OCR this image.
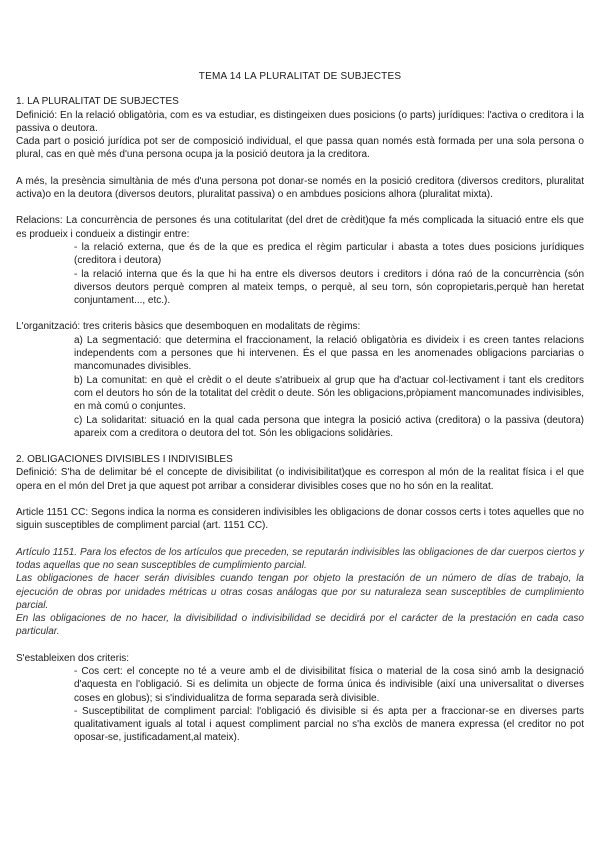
TEMA 14 LA PLURALITAT DE SUBJECTES

1. LA PLURALITAT DE SUBJECTES

Definició: En la relació obligatòria, com es va estudiar, es distingeixen dues posicions (o parts) jurídiques: l'activa o creditora i la passiva o deutora.

Cada part o posició jurídica pot ser de composició individual, el que passa quan només està formada per una sola persona o plural, cas en què més d'una persona ocupa ja la posició deutora ja la creditora.

A més, la presència simultània de més d'una persona pot donar-se només en la posició creditora (diversos creditors, pluralitat activa)o en la deutora (diversos deutors, pluralitat passiva) o en ambdues posicions alhora (pluralitat mixta).

Relacions: La concurrència de persones és una cotitularitat (del dret de crèdit)que fa més complicada la situació entre els que es produeix i condueix a distingir entre:

- la relació externa, que és de la que es predica el règim particular i abasta a totes dues posicions jurídiques (creditora i deutora)

- la relació interna que és la que hi ha entre els diversos deutors i creditors i dóna raó de la concurrència (són diversos deutors perquè compren al mateix temps, o perquè, al seu torn, són copropietaris,perquè han heretat conjuntament..., etc.).

L'organització: tres criteris bàsics que desemboquen en modalitats de règims:

a) La segmentació: que determina el fraccionament, la relació obligatòria es divideix i es creen tantes relacions independents com a persones que hi intervenen. És el que passa en les anomenades obligacions parciarias o mancomunades divisibles.

b) La comunitat: en què el crèdit o el deute s'atribueix al grup que ha d'actuar col·lectivament i tant els creditors com el deutors ho són de la totalitat del crèdit o deute. Són les obligacions,pròpiament mancomunades indivisibles, en mà comú o conjuntes.

c) La solidaritat: situació en la qual cada persona que integra la posició activa (creditora) o la passiva (deutora) apareix com a creditora o deutora del tot. Són les obligacions solidàries.

2. OBLIGACIONES DIVISIBLES I INDIVISIBLES

Definició: S'ha de delimitar bé el concepte de divisibilitat (o indivisibilitat)que es correspon al món de la realitat física i el que opera en el món del Dret ja que aquest pot arribar a considerar divisibles coses que no ho són en la realitat.

Article 1151 CC: Segons indica la norma es consideren indivisibles les obligacions de donar cossos certs i totes aquelles que no siguin susceptibles de compliment parcial (art. 1151 CC).

Artículo 1151. Para los efectos de los artículos que preceden, se reputarán indivisibles las obligaciones de dar cuerpos ciertos y todas aquellas que no sean susceptibles de cumplimiento parcial.

Las obligaciones de hacer serán divisibles cuando tengan por objeto la prestación de un número de días de trabajo, la ejecución de obras por unidades métricas u otras cosas análogas que por su naturaleza sean susceptibles de cumplimiento parcial.

En las obligaciones de no hacer, la divisibilidad o indivisibilidad se decidirá por el carácter de la prestación en cada caso particular.

S'estableixen dos criteris:

- Cos cert: el concepte no té a veure amb el de divisibilitat física o material de la cosa sinó amb la designació d'aquesta en l'obligació. Si es delimita un objecte de forma única és indivisible (així una universalitat o diverses coses en globus); si s'individualitza de forma separada serà divisible.

- Susceptibilitat de compliment parcial: l'obligació és divisible si és apta per a fraccionar-se en diverses parts qualitativament iguals al total i aquest compliment parcial no s'ha exclòs de manera expressa (el creditor no pot oposar-se, justificadament,al mateix).
